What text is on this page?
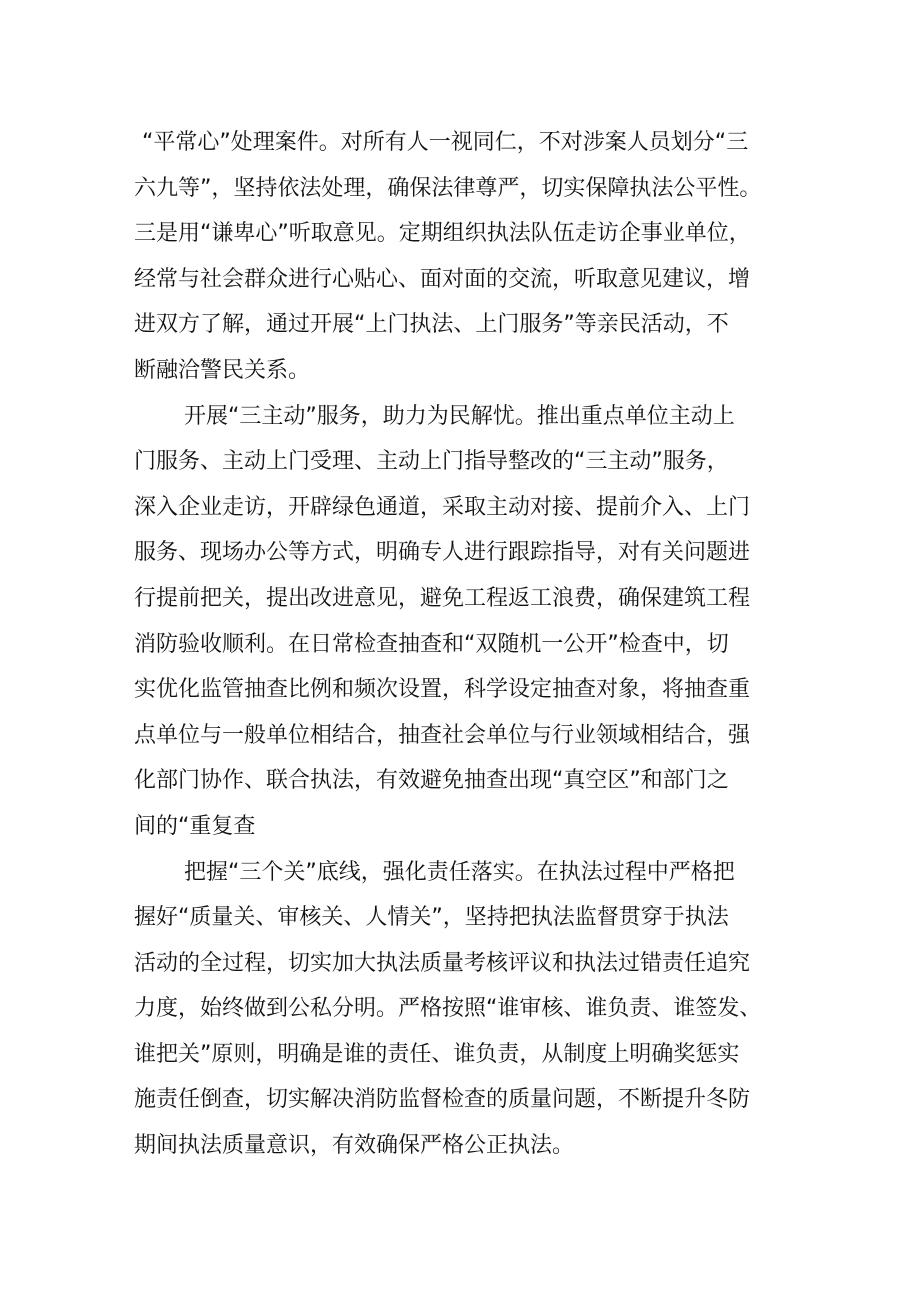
“平常心”处理案件。对所有人一视同仁，不对涉案人员划分“三
六九等”，坚持依法处理，确保法律尊严，切实保障执法公平性。
三是用“谦卑心”听取意见。定期组织执法队伍走访企事业单位，
经常与社会群众进行心贴心、面对面的交流，听取意见建议，增
进双方了解，通过开展“上门执法、上门服务”等亲民活动，不
断融洽警民关系。
开展“三主动”服务，助力为民解忧。推出重点单位主动上
门服务、主动上门受理、主动上门指导整改的“三主动”服务，
深入企业走访，开辟绿色通道，采取主动对接、提前介入、上门
服务、现场办公等方式，明确专人进行跟踪指导，对有关问题进
行提前把关，提出改进意见，避免工程返工浪费，确保建筑工程
消防验收顺利。在日常检查抽查和“双随机一公开”检查中，切
实优化监管抽查比例和频次设置，科学设定抽查对象，将抽查重
点单位与一般单位相结合，抽查社会单位与行业领域相结合，强
化部门协作、联合执法，有效避免抽查出现“真空区”和部门之
间的“重复查
把握“三个关”底线，强化责任落实。在执法过程中严格把
握好“质量关、审核关、人情关”，坚持把执法监督贯穿于执法
活动的全过程，切实加大执法质量考核评议和执法过错责任追究
力度，始终做到公私分明。严格按照“谁审核、谁负责、谁签发、
谁把关”原则，明确是谁的责任、谁负责，从制度上明确奖惩实
施责任倒查，切实解决消防监督检查的质量问题，不断提升冬防
期间执法质量意识，有效确保严格公正执法。
